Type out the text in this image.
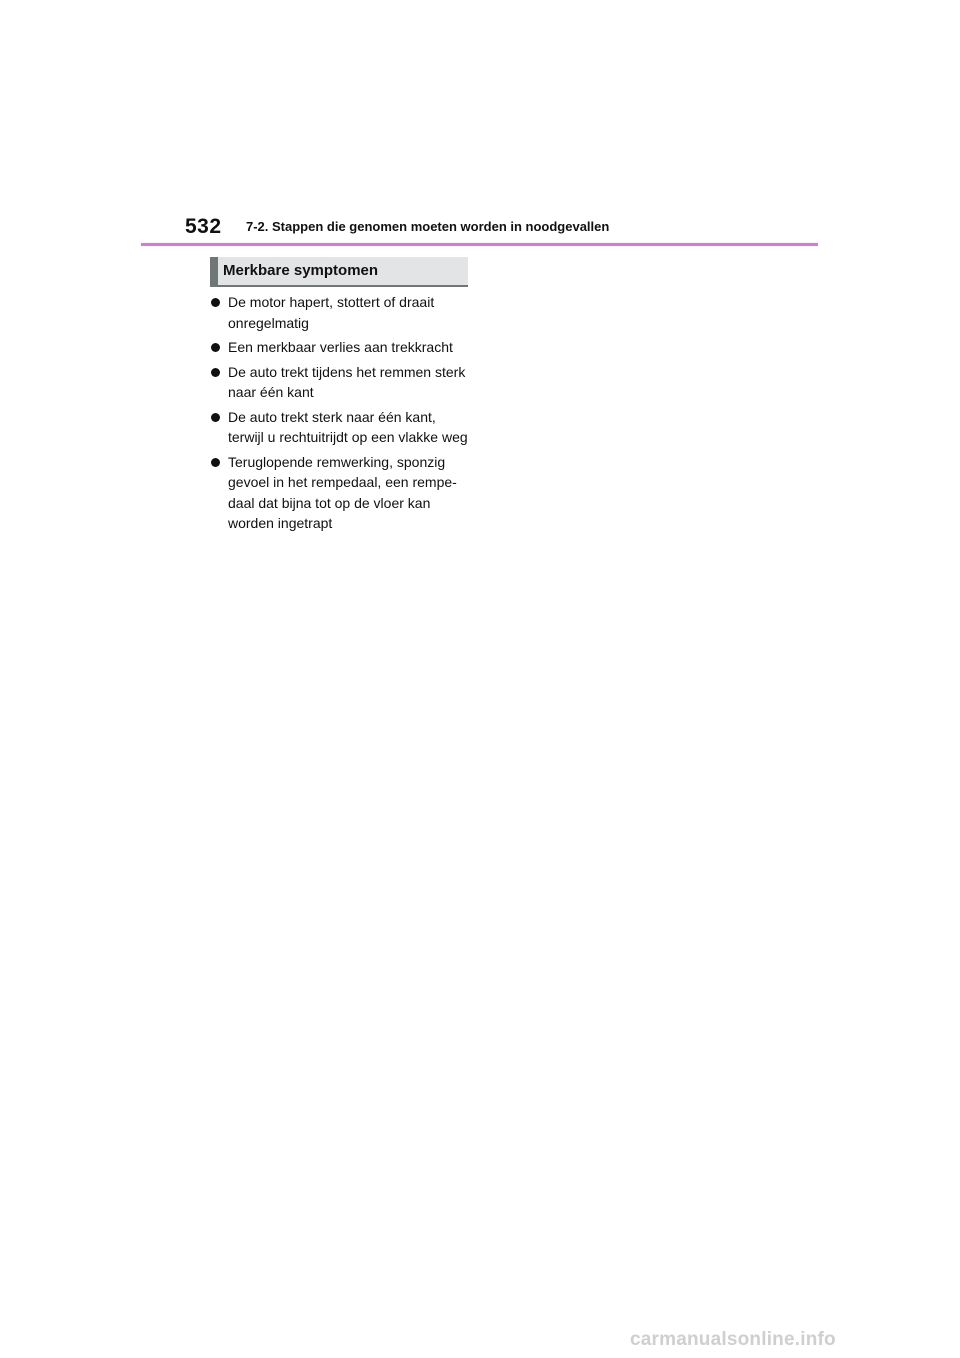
532 7-2. Stappen die genomen moeten worden in noodgevallen
Merkbare symptomen
De motor hapert, stottert of draait onregelmatig
Een merkbaar verlies aan trekkracht
De auto trekt tijdens het remmen sterk naar één kant
De auto trekt sterk naar één kant, terwijl u rechtuitrijdt op een vlakke weg
Teruglopende remwerking, sponzig gevoel in het rempedaal, een rempe-daal dat bijna tot op de vloer kan worden ingetrapt
carmanualsonline.info
